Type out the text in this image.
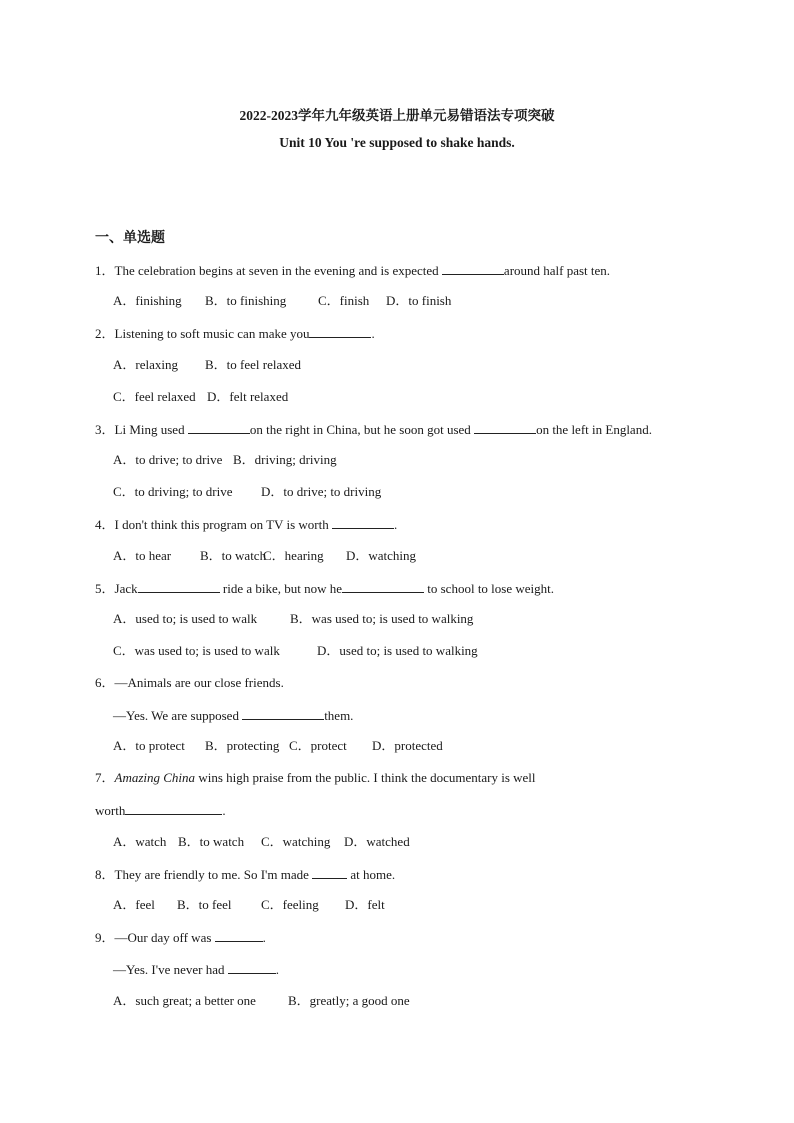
2022-2023学年九年级英语上册单元易错语法专项突破
Unit 10 You 're supposed to shake hands.
一、单选题
1．The celebration begins at seven in the evening and is expected	around half past ten.
A．finishing B．to finishing C．finish D．to finish
2．Listening to soft music can make you	.
A．relaxing B．to feel relaxed
C．feel relaxed D．felt relaxed
3．Li Ming used	on the right in China, but he soon got used	on the left in England.
A．to drive; to drive B．driving; driving
C．to driving; to drive D．to drive; to driving
4．I don't think this program on TV is worth	.
A．to hear B．to watchC．hearing D．watching
5．Jack	ride a bike, but now he	to school to lose weight.
A．used to; is used to walk	B．was used to; is used to walking
C．was used to; is used to walk	D．used to; is used to walking
6．—Animals are our close friends.
—Yes. We are supposed	them.
A．to protect B．protecting C．protect D．protected
7．Amazing China wins high praise from the public. I think the documentary is well
worth	.
A．watch B．to watch C．watching D．watched
8．They are friendly to me. So I'm made	at home.
A．feel B．to feel C．feeling D．felt
9．—Our day off was	.
—Yes. I've never had	.
A．such great; a better one B．greatly; a good one
